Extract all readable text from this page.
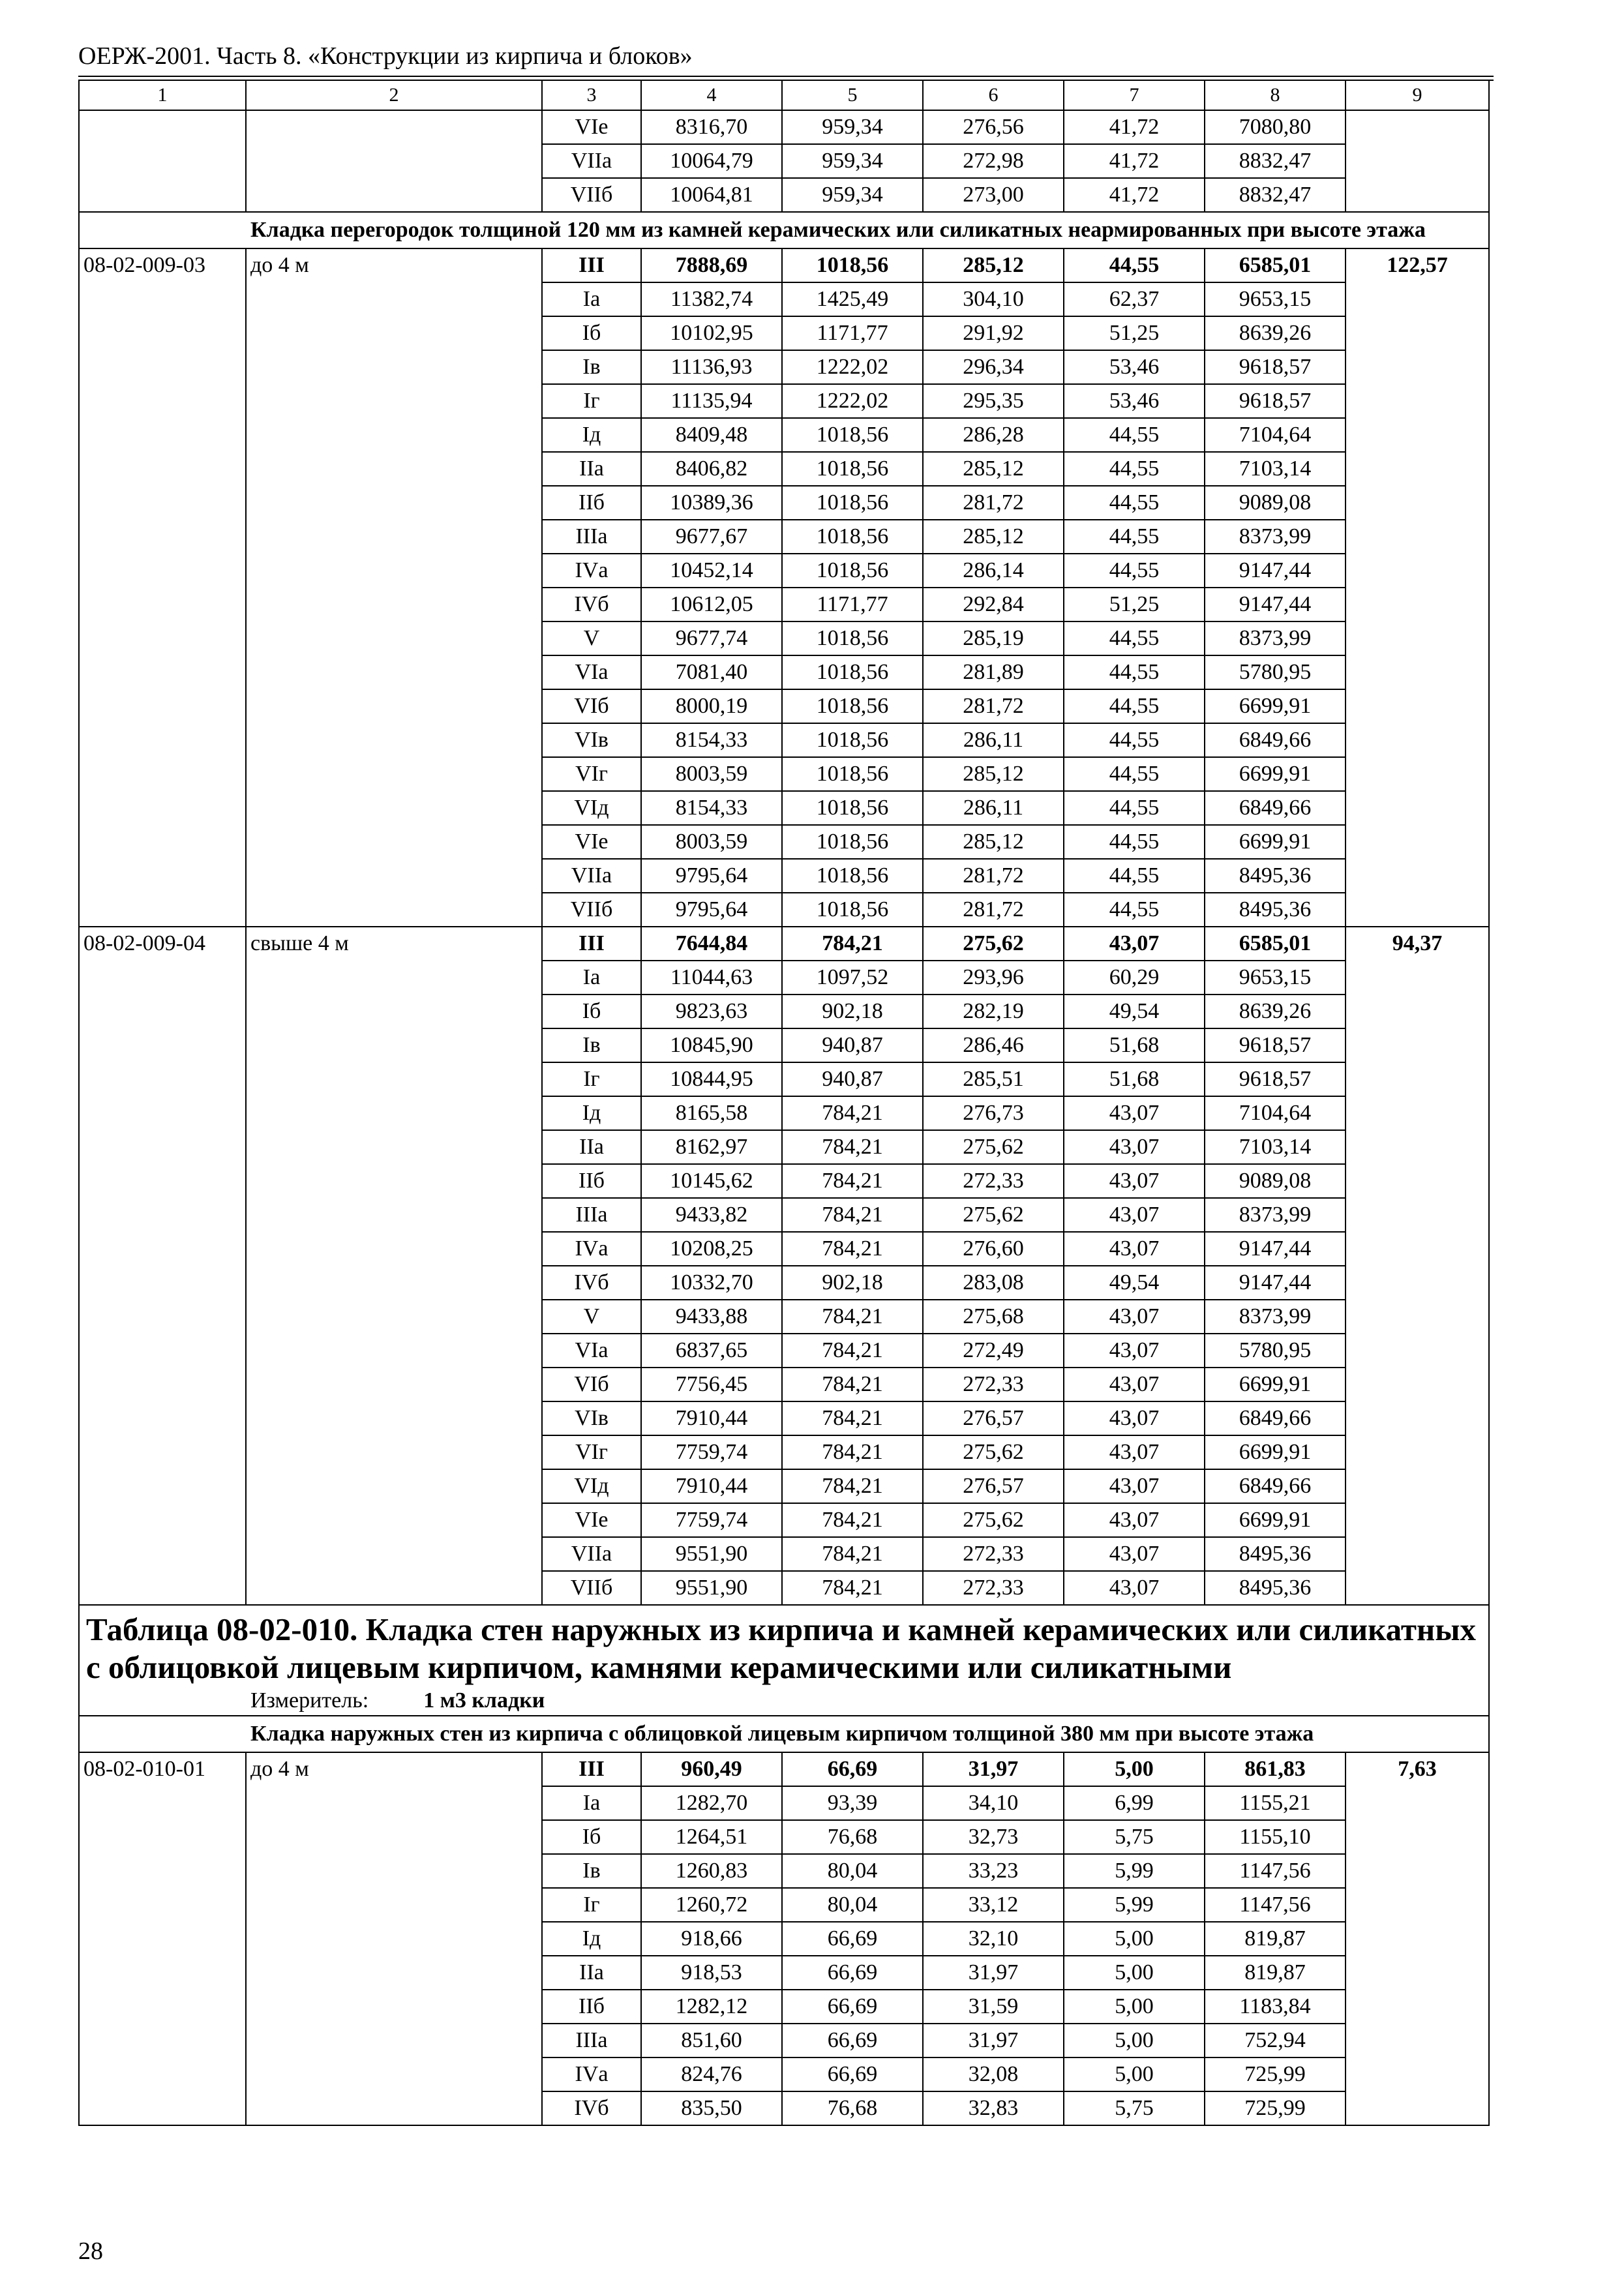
ОЕРЖ-2001. Часть 8. «Конструкции из кирпича и блоков»
1	2	3	4	5	6	7	8	9
		VIе	8316,70	959,34	276,56	41,72	7080,80	
		VIIа	10064,79	959,34	272,98	41,72	8832,47	
		VIIб	10064,81	959,34	273,00	41,72	8832,47	
Кладка перегородок толщиной 120 мм из камней керамических или силикатных неармированных при высоте этажа								
08-02-009-03	до 4 м	III	7888,69	1018,56	285,12	44,55	6585,01	122,57
		Iа	11382,74	1425,49	304,10	62,37	9653,15	
		Iб	10102,95	1171,77	291,92	51,25	8639,26	
		Iв	11136,93	1222,02	296,34	53,46	9618,57	
		Iг	11135,94	1222,02	295,35	53,46	9618,57	
		Iд	8409,48	1018,56	286,28	44,55	7104,64	
		IIа	8406,82	1018,56	285,12	44,55	7103,14	
		IIб	10389,36	1018,56	281,72	44,55	9089,08	
		IIIа	9677,67	1018,56	285,12	44,55	8373,99	
		IVа	10452,14	1018,56	286,14	44,55	9147,44	
		IVб	10612,05	1171,77	292,84	51,25	9147,44	
		V	9677,74	1018,56	285,19	44,55	8373,99	
		VIа	7081,40	1018,56	281,89	44,55	5780,95	
		VIб	8000,19	1018,56	281,72	44,55	6699,91	
		VIв	8154,33	1018,56	286,11	44,55	6849,66	
		VIг	8003,59	1018,56	285,12	44,55	6699,91	
		VIд	8154,33	1018,56	286,11	44,55	6849,66	
		VIе	8003,59	1018,56	285,12	44,55	6699,91	
		VIIа	9795,64	1018,56	281,72	44,55	8495,36	
		VIIб	9795,64	1018,56	281,72	44,55	8495,36	
08-02-009-04	свыше 4 м	III	7644,84	784,21	275,62	43,07	6585,01	94,37
		Iа	11044,63	1097,52	293,96	60,29	9653,15	
		Iб	9823,63	902,18	282,19	49,54	8639,26	
		Iв	10845,90	940,87	286,46	51,68	9618,57	
		Iг	10844,95	940,87	285,51	51,68	9618,57	
		Iд	8165,58	784,21	276,73	43,07	7104,64	
		IIа	8162,97	784,21	275,62	43,07	7103,14	
		IIб	10145,62	784,21	272,33	43,07	9089,08	
		IIIа	9433,82	784,21	275,62	43,07	8373,99	
		IVа	10208,25	784,21	276,60	43,07	9147,44	
		IVб	10332,70	902,18	283,08	49,54	9147,44	
		V	9433,88	784,21	275,68	43,07	8373,99	
		VIа	6837,65	784,21	272,49	43,07	5780,95	
		VIб	7756,45	784,21	272,33	43,07	6699,91	
		VIв	7910,44	784,21	276,57	43,07	6849,66	
		VIг	7759,74	784,21	275,62	43,07	6699,91	
		VIд	7910,44	784,21	276,57	43,07	6849,66	
		VIе	7759,74	784,21	275,62	43,07	6699,91	
		VIIа	9551,90	784,21	272,33	43,07	8495,36	
		VIIб	9551,90	784,21	272,33	43,07	8495,36	
Таблица 08-02-010. Кладка стен наружных из кирпича и камней керамических или силикатных с облицовкой лицевым кирпичом, камнями керамическими или силикатными								
Измеритель: 1 м3 кладки								
Кладка наружных стен из кирпича с облицовкой лицевым кирпичом толщиной 380 мм при высоте этажа								
08-02-010-01	до 4 м	III	960,49	66,69	31,97	5,00	861,83	7,63
		Iа	1282,70	93,39	34,10	6,99	1155,21	
		Iб	1264,51	76,68	32,73	5,75	1155,10	
		Iв	1260,83	80,04	33,23	5,99	1147,56	
		Iг	1260,72	80,04	33,12	5,99	1147,56	
		Iд	918,66	66,69	32,10	5,00	819,87	
		IIа	918,53	66,69	31,97	5,00	819,87	
		IIб	1282,12	66,69	31,59	5,00	1183,84	
		IIIа	851,60	66,69	31,97	5,00	752,94	
		IVа	824,76	66,69	32,08	5,00	725,99	
		IVб	835,50	76,68	32,83	5,75	725,99	
28
